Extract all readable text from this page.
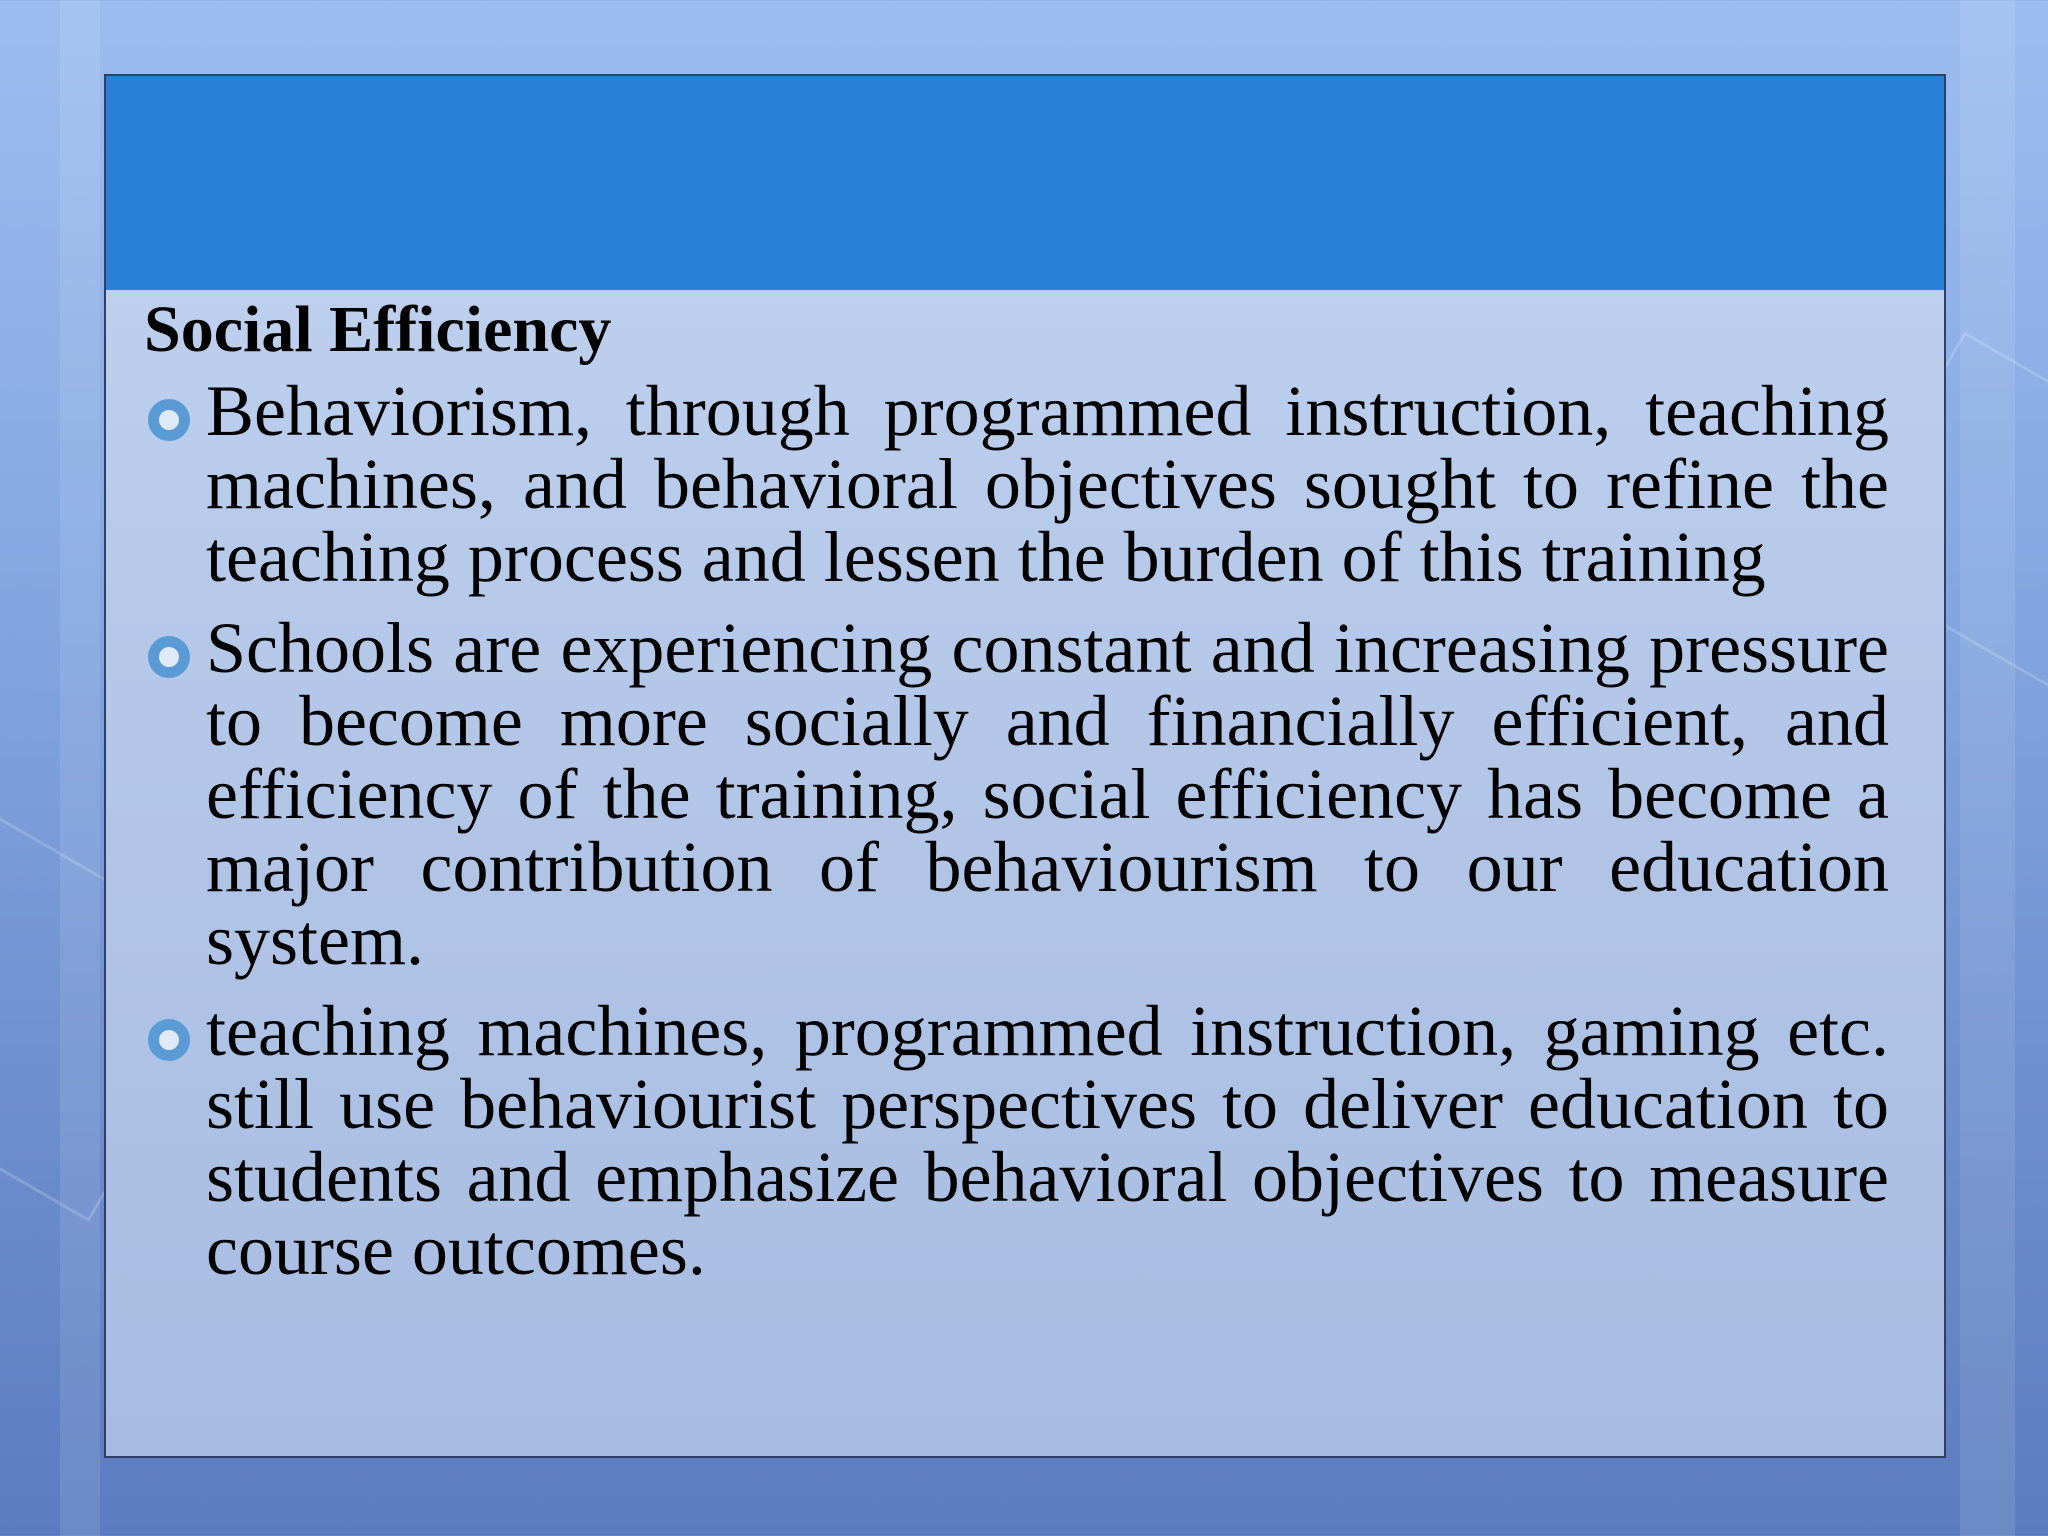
Social Efficiency
Behaviorism, through programmed instruction, teaching machines, and behavioral objectives sought to refine the teaching process and lessen the burden of this training
Schools are experiencing constant and increasing pressure to become more socially and financially efficient, and efficiency of the training, social efficiency has become a major contribution of behaviourism to our education system.
teaching machines, programmed instruction, gaming etc. still use behaviourist perspectives to deliver education to students and emphasize behavioral objectives to measure course outcomes.
